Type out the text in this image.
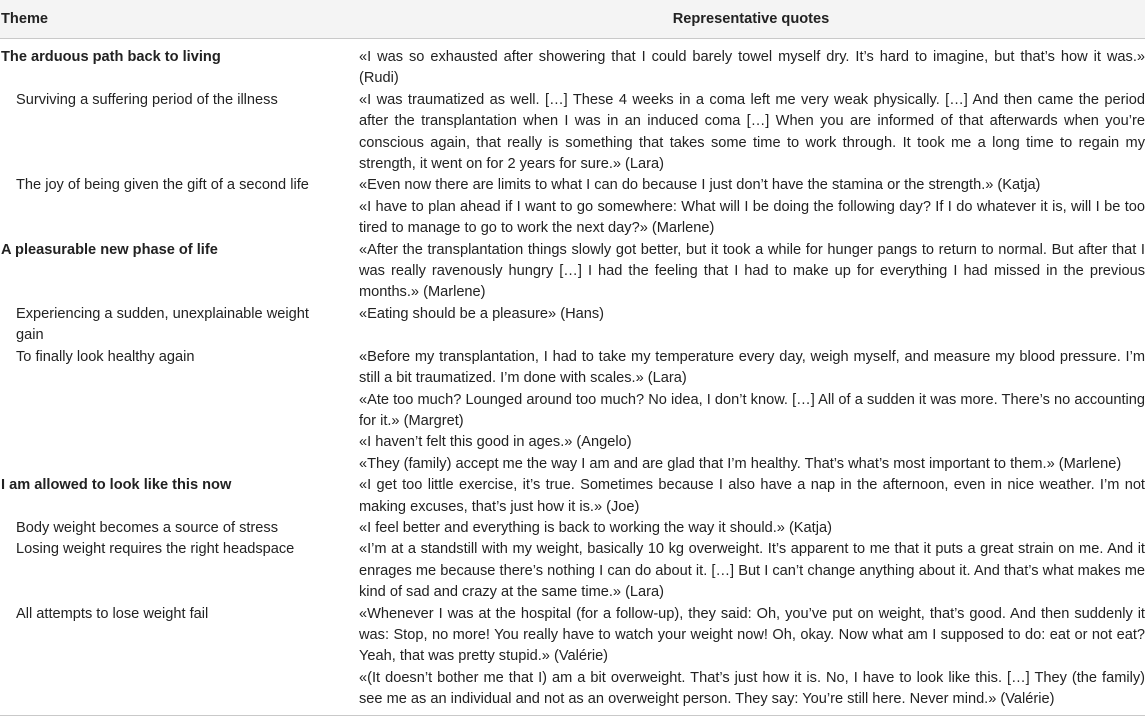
Theme	Representative quotes
The arduous path back to living	«I was so exhausted after showering that I could barely towel myself dry. It’s hard to imagine, but that’s how it was.» (Rudi)
Surviving a suffering period of the illness	«I was traumatized as well. […] These 4 weeks in a coma left me very weak physically. […] And then came the period after the transplantation when I was in an induced coma […] When you are informed of that afterwards when you’re conscious again, that really is something that takes some time to work through. It took me a long time to regain my strength, it went on for 2 years for sure.» (Lara)
The joy of being given the gift of a second life	«Even now there are limits to what I can do because I just don’t have the stamina or the strength.» (Katja)
	«I have to plan ahead if I want to go somewhere: What will I be doing the following day? If I do whatever it is, will I be too tired to manage to go to work the next day?» (Marlene)
A pleasurable new phase of life	«After the transplantation things slowly got better, but it took a while for hunger pangs to return to normal. But after that I was really ravenously hungry […] I had the feeling that I had to make up for everything I had missed in the previous months.» (Marlene)
Experiencing a sudden, unexplainable weight gain	«Eating should be a pleasure» (Hans)
To finally look healthy again	«Before my transplantation, I had to take my temperature every day, weigh myself, and measure my blood pressure. I’m still a bit traumatized. I’m done with scales.» (Lara)
	«Ate too much? Lounged around too much? No idea, I don’t know. […] All of a sudden it was more. There’s no accounting for it.» (Margret)
	«I haven’t felt this good in ages.» (Angelo)
	«They (family) accept me the way I am and are glad that I’m healthy. That’s what’s most important to them.» (Marlene)
I am allowed to look like this now	«I get too little exercise, it’s true. Sometimes because I also have a nap in the afternoon, even in nice weather. I’m not making excuses, that’s just how it is.» (Joe)
Body weight becomes a source of stress	«I feel better and everything is back to working the way it should.» (Katja)
Losing weight requires the right headspace	«I’m at a standstill with my weight, basically 10 kg overweight. It’s apparent to me that it puts a great strain on me. And it enrages me because there’s nothing I can do about it. […] But I can’t change anything about it. And that’s what makes me kind of sad and crazy at the same time.» (Lara)
All attempts to lose weight fail	«Whenever I was at the hospital (for a follow-up), they said: Oh, you’ve put on weight, that’s good. And then suddenly it was: Stop, no more! You really have to watch your weight now! Oh, okay. Now what am I supposed to do: eat or not eat? Yeah, that was pretty stupid.» (Valérie)
	«(It doesn’t bother me that I) am a bit overweight. That’s just how it is. No, I have to look like this. […] They (the family) see me as an individual and not as an overweight person. They say: You’re still here. Never mind.» (Valérie)
